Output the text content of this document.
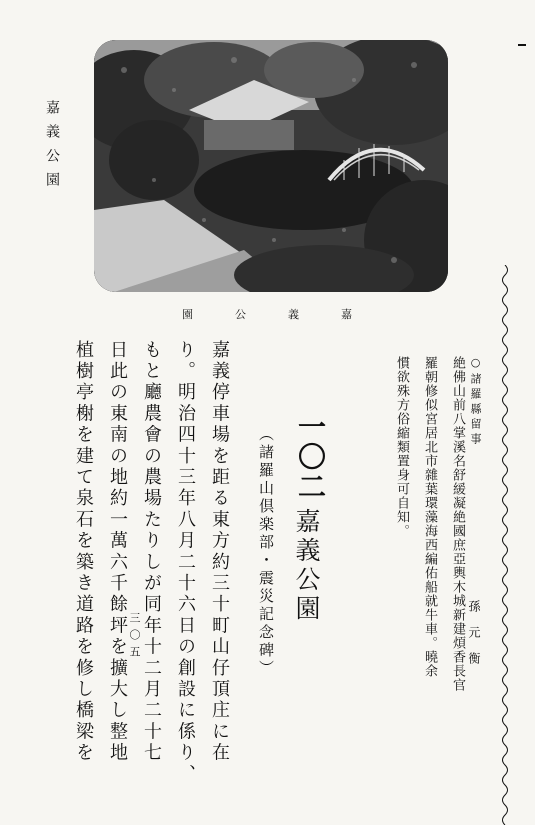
嘉義公園
園	公	義	嘉
○諸羅縣留事
孫元衡
絶佛山前八掌溪名舒緩凝絶國庶亞輿木城新建煩香長官
羅朝修似宮居北市雜葉環藻海西編佑船就牛車。曉余
慣欲殊方俗縮類置身可自知。
一〇二
嘉義公園
（諸羅山倶楽部・震災記念碑）
嘉義停車場を距る東方約三十町山仔頂庄に在
り。明治四十三年八月二十六日の創設に係り、
もと廳農會の農場たりしが同年十二月二十七
日此の東南の地約一萬六千餘坪を擴大し整地
植樹亭榭を建て泉石を築き道路を修し橋梁を	三〇五
